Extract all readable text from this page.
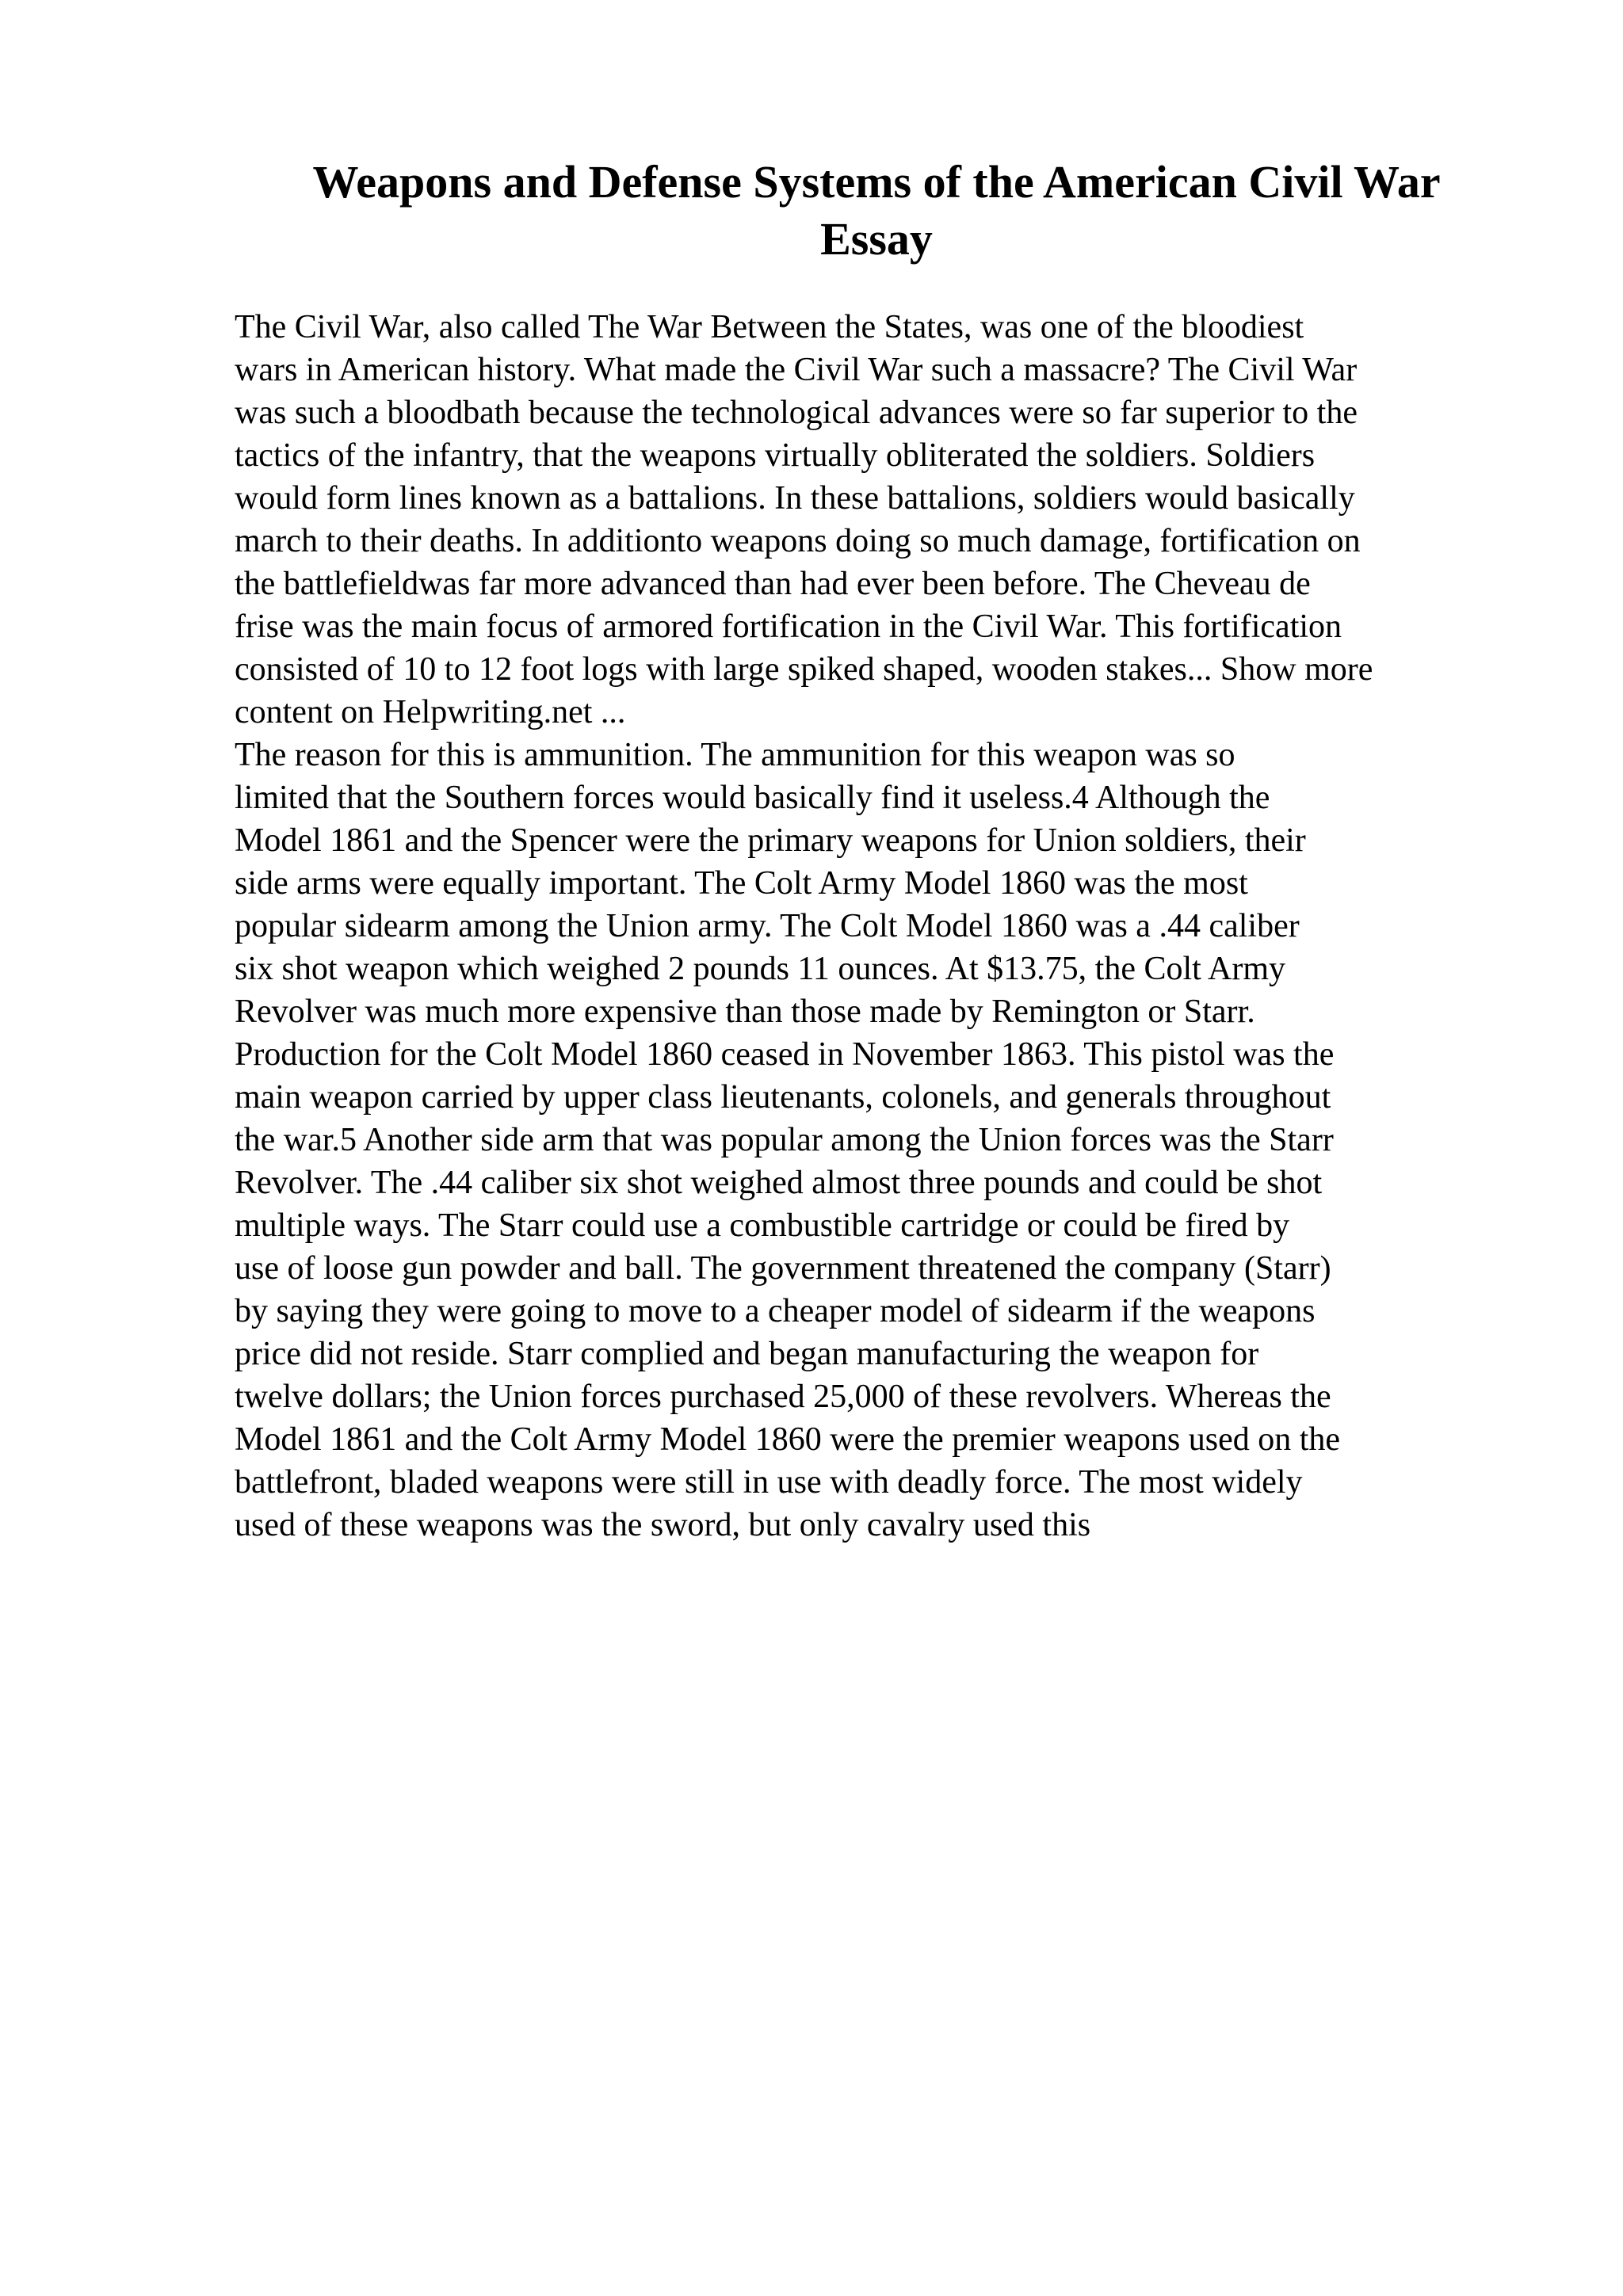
Weapons and Defense Systems of the American Civil War
Essay

The Civil War, also called The War Between the States, was one of the bloodiest
wars in American history. What made the Civil War such a massacre? The Civil War
was such a bloodbath because the technological advances were so far superior to the
tactics of the infantry, that the weapons virtually obliterated the soldiers. Soldiers
would form lines known as a battalions. In these battalions, soldiers would basically
march to their deaths. In additionto weapons doing so much damage, fortification on
the battlefieldwas far more advanced than had ever been before. The Cheveau de
frise was the main focus of armored fortification in the Civil War. This fortification
consisted of 10 to 12 foot logs with large spiked shaped, wooden stakes... Show more
content on Helpwriting.net ...

The reason for this is ammunition. The ammunition for this weapon was so
limited that the Southern forces would basically find it useless.4 Although the
Model 1861 and the Spencer were the primary weapons for Union soldiers, their
side arms were equally important. The Colt Army Model 1860 was the most
popular sidearm among the Union army. The Colt Model 1860 was a .44 caliber
six shot weapon which weighed 2 pounds 11 ounces. At $13.75, the Colt Army
Revolver was much more expensive than those made by Remington or Starr.
Production for the Colt Model 1860 ceased in November 1863. This pistol was the
main weapon carried by upper class lieutenants, colonels, and generals throughout
the war.5 Another side arm that was popular among the Union forces was the Starr
Revolver. The .44 caliber six shot weighed almost three pounds and could be shot
multiple ways. The Starr could use a combustible cartridge or could be fired by
use of loose gun powder and ball. The government threatened the company (Starr)
by saying they were going to move to a cheaper model of sidearm if the weapons
price did not reside. Starr complied and began manufacturing the weapon for
twelve dollars; the Union forces purchased 25,000 of these revolvers. Whereas the
Model 1861 and the Colt Army Model 1860 were the premier weapons used on the
battlefront, bladed weapons were still in use with deadly force. The most widely
used of these weapons was the sword, but only cavalry used this
